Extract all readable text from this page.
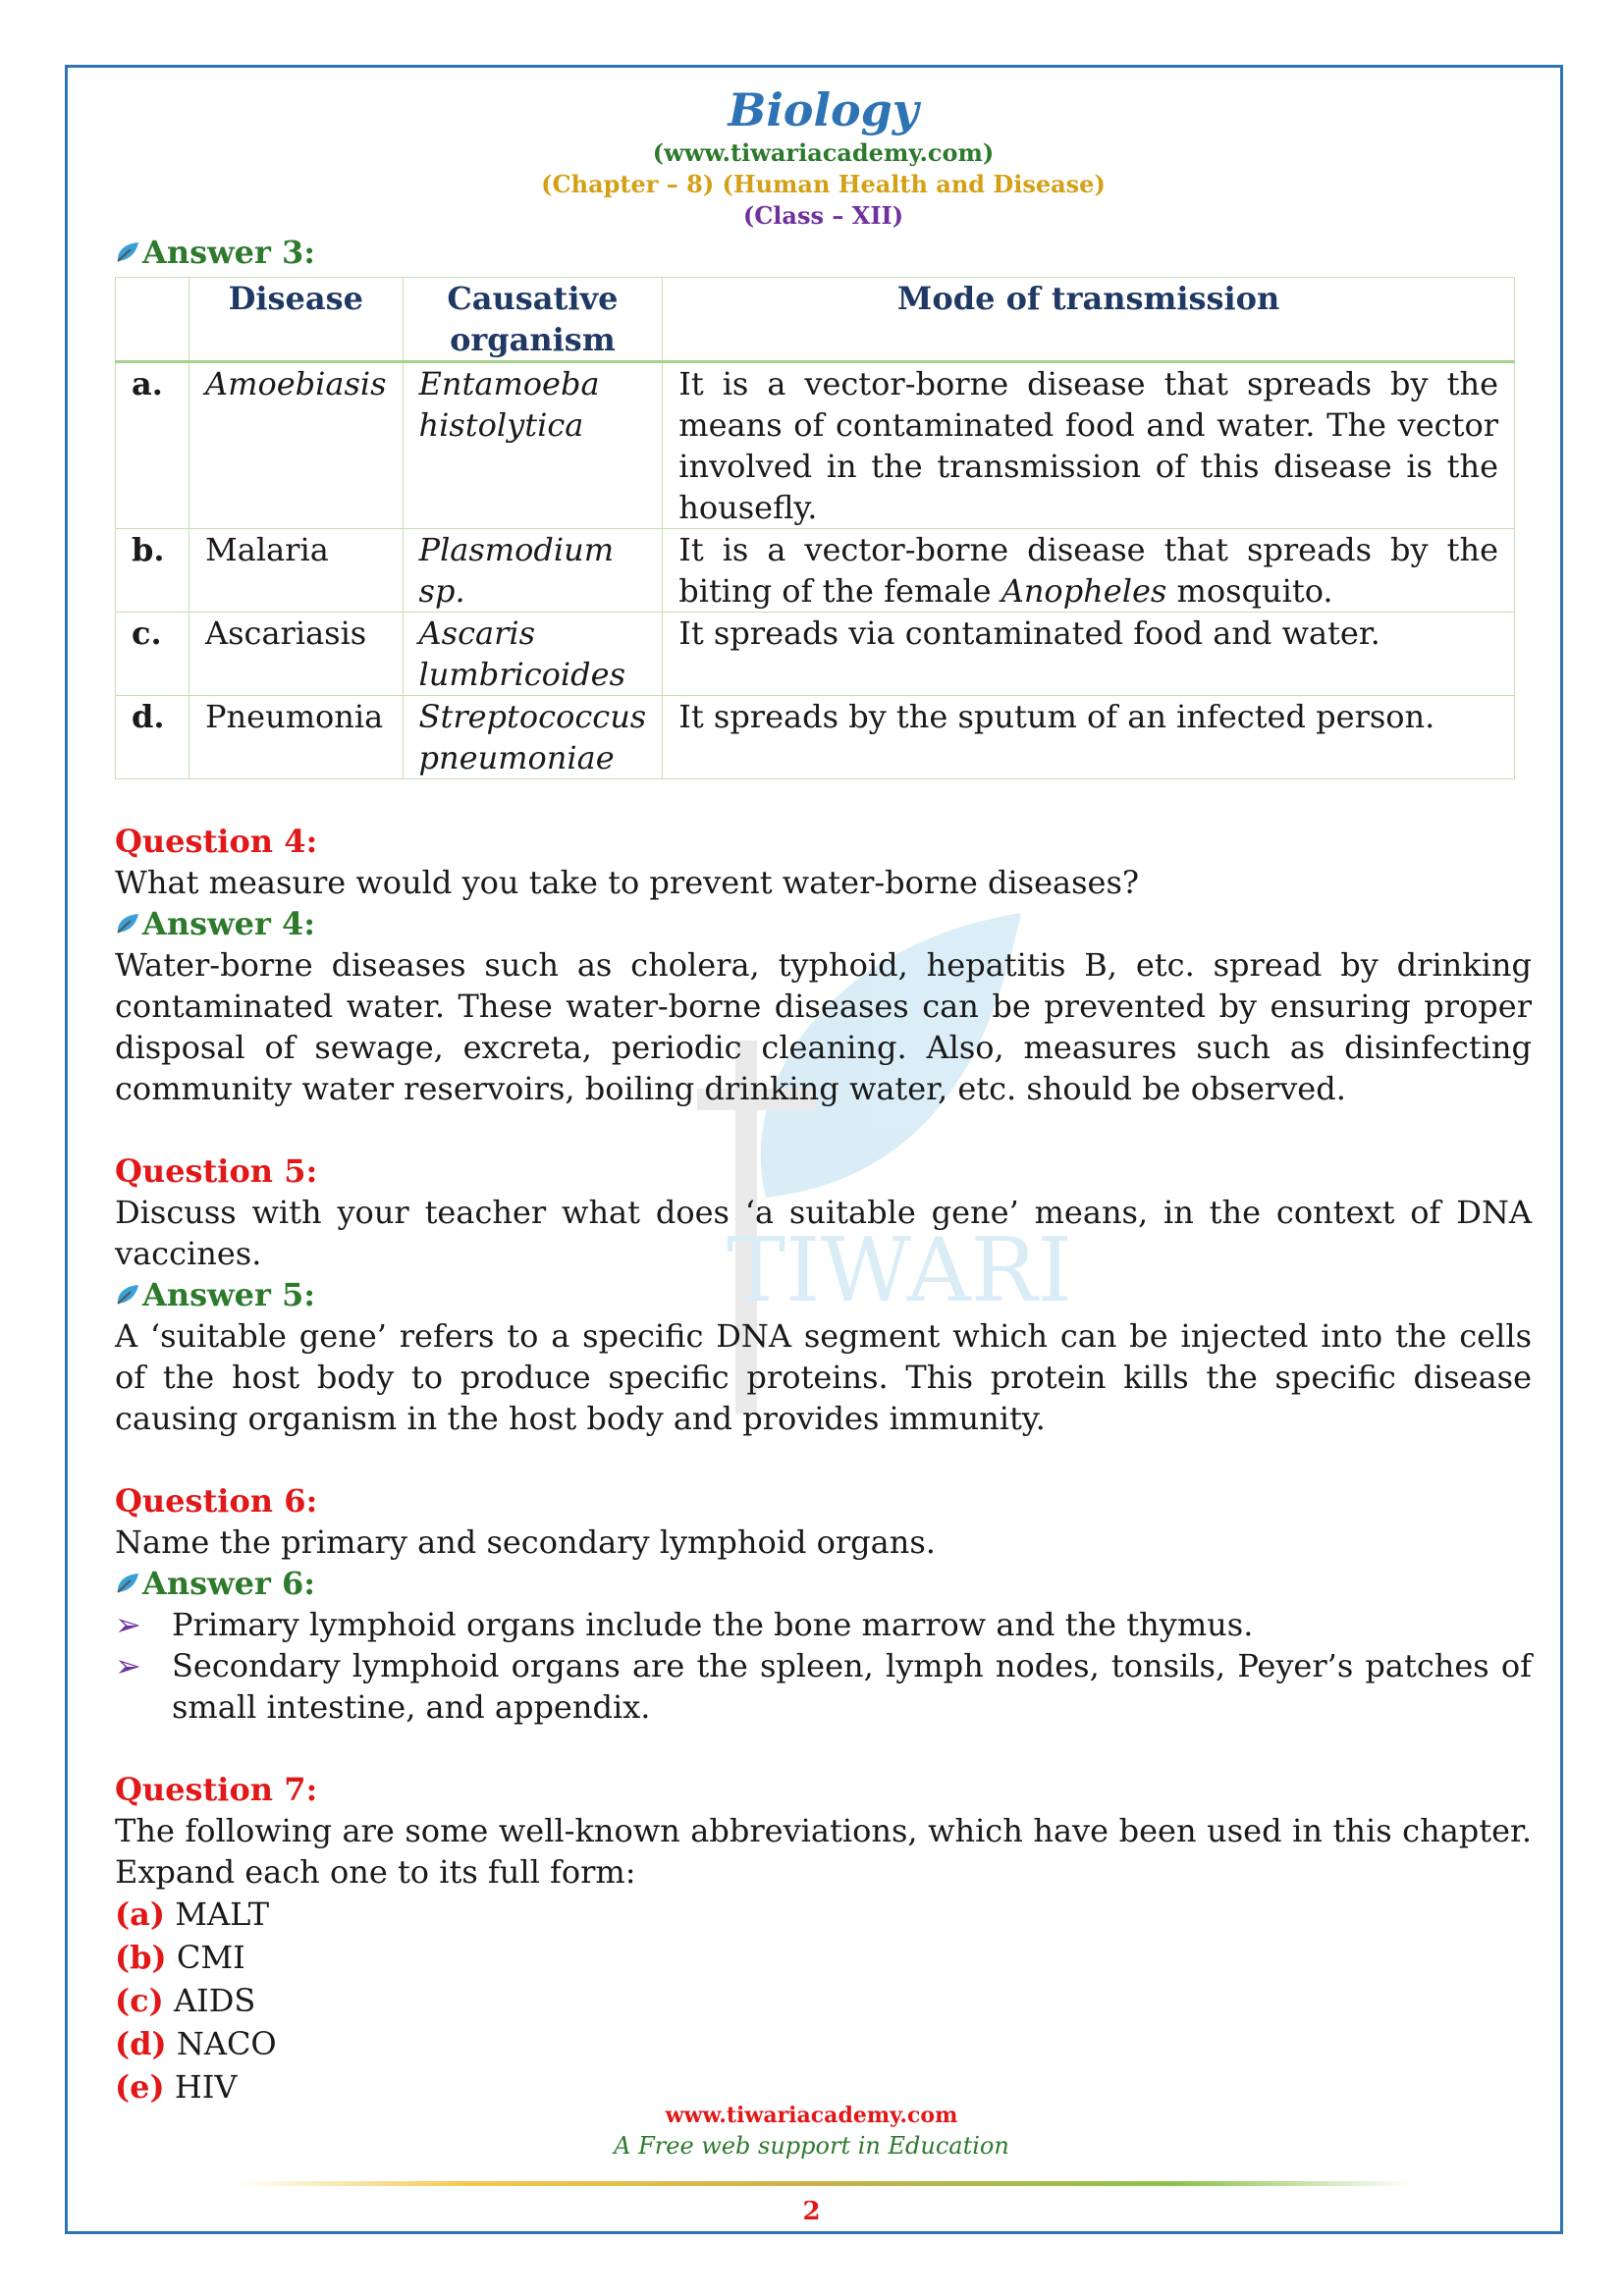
TIWARI
Biology
(www.tiwariacademy.com)
(Chapter – 8) (Human Health and Disease)
(Class – XII)
Answer 3:
	Disease	Causative organism	Mode of transmission
a.	Amoebiasis	Entamoeba histolytica	It is a vector-borne disease that spreads by the means of contaminated food and water. The vector involved in the transmission of this disease is the housefly.
b.	Malaria	Plasmodium sp.	It is a vector-borne disease that spreads by the biting of the female Anopheles mosquito.
c.	Ascariasis	Ascaris lumbricoides	It spreads via contaminated food and water.
d.	Pneumonia	Streptococcus pneumoniae	It spreads by the sputum of an infected person.
Question 4:
What measure would you take to prevent water-borne diseases?
Answer 4:
Water-borne diseases such as cholera, typhoid, hepatitis B, etc. spread by drinking contaminated water. These water-borne diseases can be prevented by ensuring proper disposal of sewage, excreta, periodic cleaning. Also, measures such as disinfecting community water reservoirs, boiling drinking water, etc. should be observed.
Question 5:
Discuss with your teacher what does ‘a suitable gene’ means, in the context of DNA vaccines.
Answer 5:
A ‘suitable gene’ refers to a specific DNA segment which can be injected into the cells of the host body to produce specific proteins. This protein kills the specific disease causing organism in the host body and provides immunity.
Question 6:
Name the primary and secondary lymphoid organs.
Answer 6:
➢ Primary lymphoid organs include the bone marrow and the thymus.
➢ Secondary lymphoid organs are the spleen, lymph nodes, tonsils, Peyer’s patches of small intestine, and appendix.
Question 7:
The following are some well-known abbreviations, which have been used in this chapter. Expand each one to its full form:
(a) MALT
(b) CMI
(c) AIDS
(d) NACO
(e) HIV
www.tiwariacademy.com
A Free web support in Education
2
